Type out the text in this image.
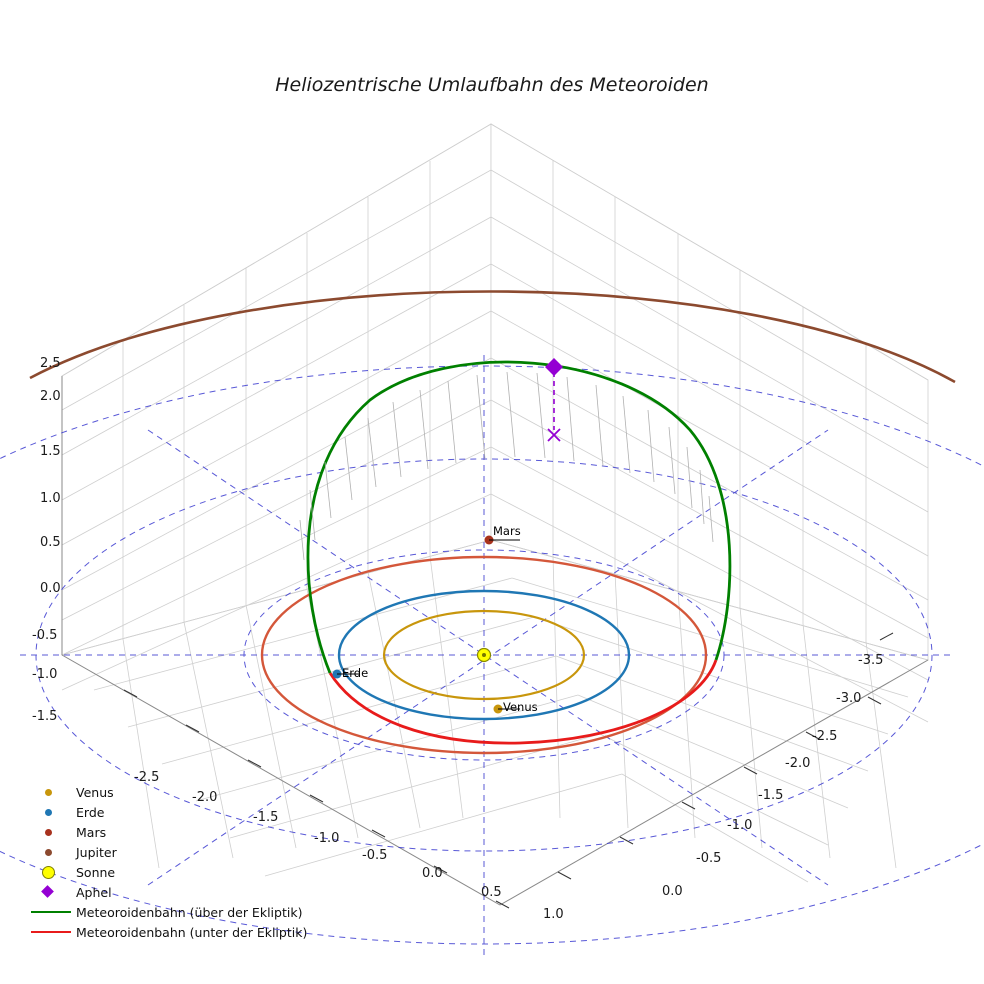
Heliozentrische Umlaufbahn des Meteoroiden
2.5
2.0
1.5
1.0
0.5
0.0
-0.5
-1.0
-1.5
-2.5
-2.0
-1.5
-1.0
-0.5
0.0
0.5
1.0
-3.5
-3.0
-2.5
-2.0
-1.5
-1.0
-0.5
0.0
Mars
Erde
Venus
Venus
Erde
Mars
Jupiter
Sonne
Aphel
Meteoroidenbahn (über der Ekliptik)
Meteoroidenbahn (unter der Ekliptik)
